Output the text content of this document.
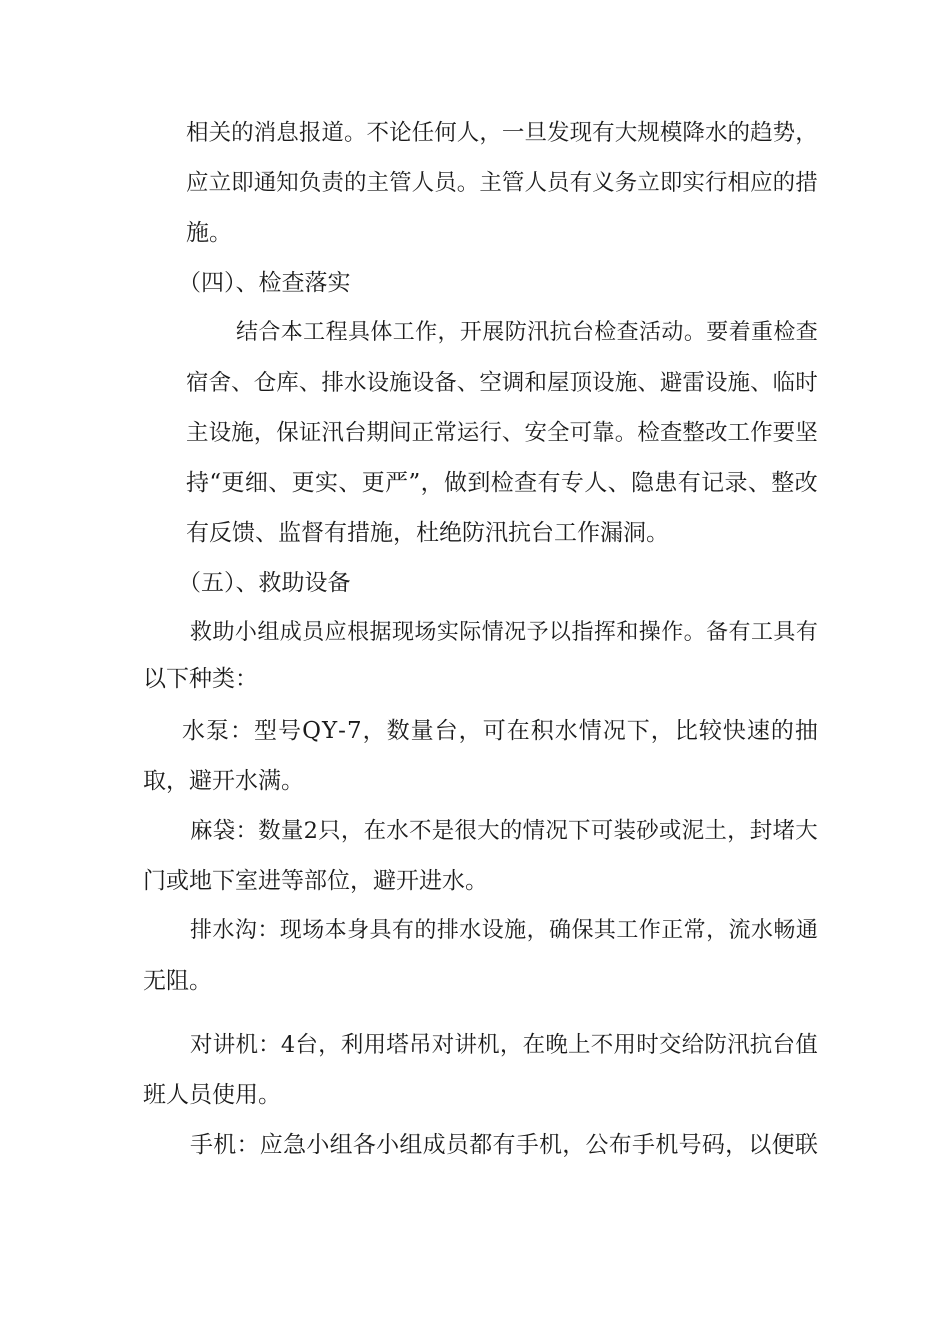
相 关 的 消 息 报 道 。 不 论 任 何 人 ， 一 旦 发 现 有 大 规 模 降 水 的 趋 势 ，

应 立 即 通 知 负 责 的 主 管 人 员 。 主 管 人 员 有 义 务 立 即 实 行 相 应 的 措

施。

（四）、检查落实

结 合 本 工 程 具 体 工 作 ， 开 展 防 汛 抗 台 检 查 活 动 。 要 着 重 检 查

宿 舍 、 仓 库 、 排 水 设 施 设 备 、 空 调 和 屋 顶 设 施 、 避 雷 设 施 、 临 时

主 设 施 ， 保 证 汛 台 期 间 正 常 运 行 、 安 全 可 靠 。 检 查 整 改 工 作 要 坚

持 “ 更 细 、 更 实 、 更 严 ” ， 做 到 检 查 有 专 人 、 隐 患 有 记 录 、 整 改

有反馈、监督有措施，杜绝防汛抗台工作漏洞。

（五）、救助设备

救 助 小 组 成 员 应 根 据 现 场 实 际 情 况 予 以 指 挥 和 操 作 。 备 有 工 具 有

以下种类：

水 泵 ： 型 号 Q Y - 7 ， 数 量 台 ， 可 在 积 水 情 况 下 ， 比 较 快 速 的 抽

取，避开水满。

麻 袋 ： 数 量 2 只 ， 在 水 不 是 很 大 的 情 况 下 可 装 砂 或 泥 土 ， 封 堵 大

门或地下室进等部位，避开进水。

排 水 沟 ： 现 场 本 身 具 有 的 排 水 设 施 ， 确 保 其 工 作 正 常 ， 流 水 畅 通

无阻。

对 讲 机 ： 4 台 ， 利 用 塔 吊 对 讲 机 ， 在 晚 上 不 用 时 交 给 防 汛 抗 台 值

班人员使用。

手 机 ： 应 急 小 组 各 小 组 成 员 都 有 手 机 ， 公 布 手 机 号 码 ， 以 便 联
